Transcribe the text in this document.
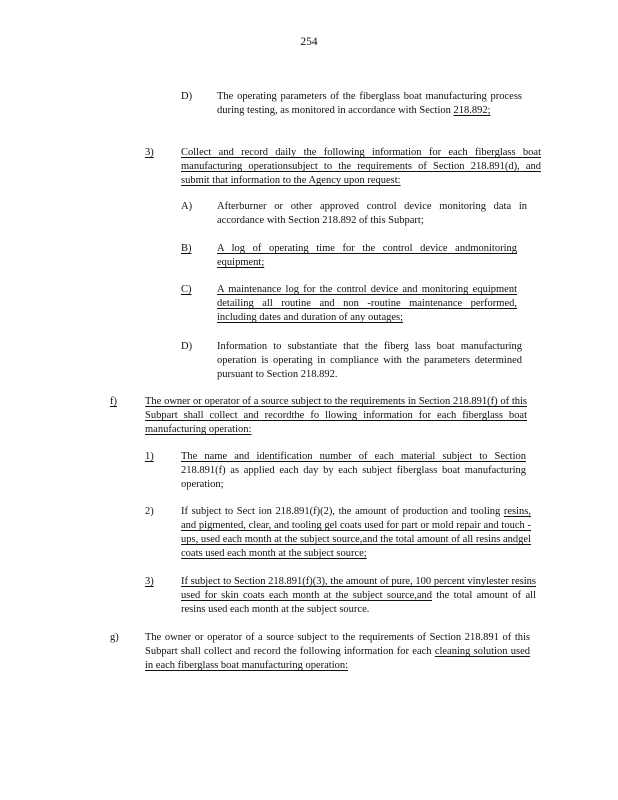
254
D) The operating parameters of the fiberglass boat manufacturing process during testing, as monitored in accordance with Section 218.892;
3)	Collect and record daily the following information for each fiberglass boat manufacturing operationsubject to the requirements of Section 218.891(d), and submit that information to the Agency upon request:
A) Afterburner or other approved control device monitoring data in accordance with Section 218.892 of this Subpart;
B) A log of operating time for the control device andmonitoring equipment;
C) A maintenance log for the control device and monitoring equipment detailing all routine and non -routine maintenance performed, including dates and duration of any outages;
D) Information to substantiate that the fiberg lass boat manufacturing operation is operating in compliance with the parameters determined pursuant to Section 218.892.
f)	The owner or operator of a source subject to the requirements in Section 218.891(f) of this Subpart shall collect and recordthe fo llowing information for each fiberglass boat manufacturing operation:
1)	The name and identification number of each material subject to Section 218.891(f) as applied each day by each subject fiberglass boat manufacturing operation;
2)	If subject to Sect ion 218.891(f)(2), the amount of production and tooling resins, and pigmented, clear, and tooling gel coats used for part or mold repair and touch -ups, used each month at the subject source,and the total amount of all resins andgel coats used each month at the subject source;
3)	If subject to Section 218.891(f)(3), the amount of pure, 100 percent vinylester resins used for skin coats each month at the subject source,and the total amount of all resins used each month at the subject source.
g)	The owner or operator of a source subject to the requirements of Section 218.891 of this Subpart shall collect and record the following information for each cleaning solution used in each fiberglass boat manufacturing operation:
